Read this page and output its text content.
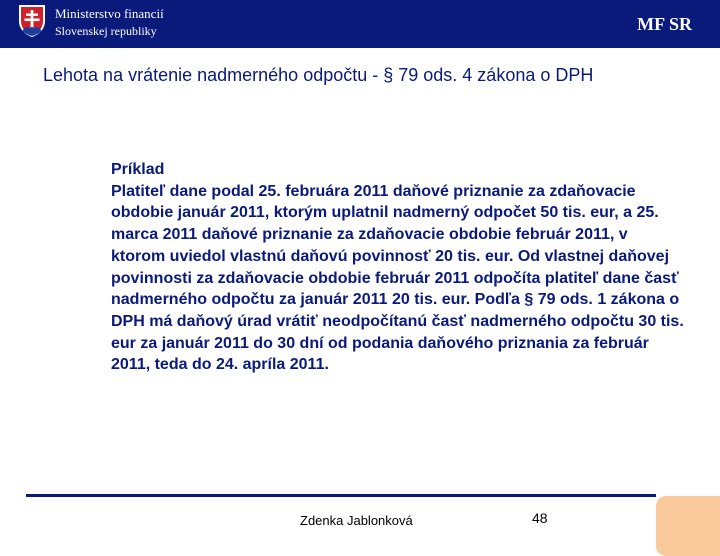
Ministerstvo financií
Slovenskej republiky	MF SR
Lehota na vrátenie nadmerného odpočtu - § 79 ods. 4 zákona o DPH
Príklad
Platiteľ dane podal 25. februára 2011 daňové priznanie za zdaňovacie obdobie január 2011, ktorým uplatnil nadmerný odpočet 50 tis. eur, a 25. marca 2011 daňové priznanie za zdaňovacie obdobie február 2011, v ktorom uviedol vlastnú daňovú povinnosť 20 tis. eur. Od vlastnej daňovej povinnosti za zdaňovacie obdobie február 2011 odpočíta platiteľ dane časť nadmerného odpočtu za január 2011 20 tis. eur. Podľa § 79 ods. 1 zákona o DPH má daňový úrad vrátiť neodpočítanú časť nadmerného odpočtu 30 tis. eur za január 2011 do 30 dní od podania daňového priznania za február 2011, teda do 24. apríla 2011.
Zdenka Jablonková	48
